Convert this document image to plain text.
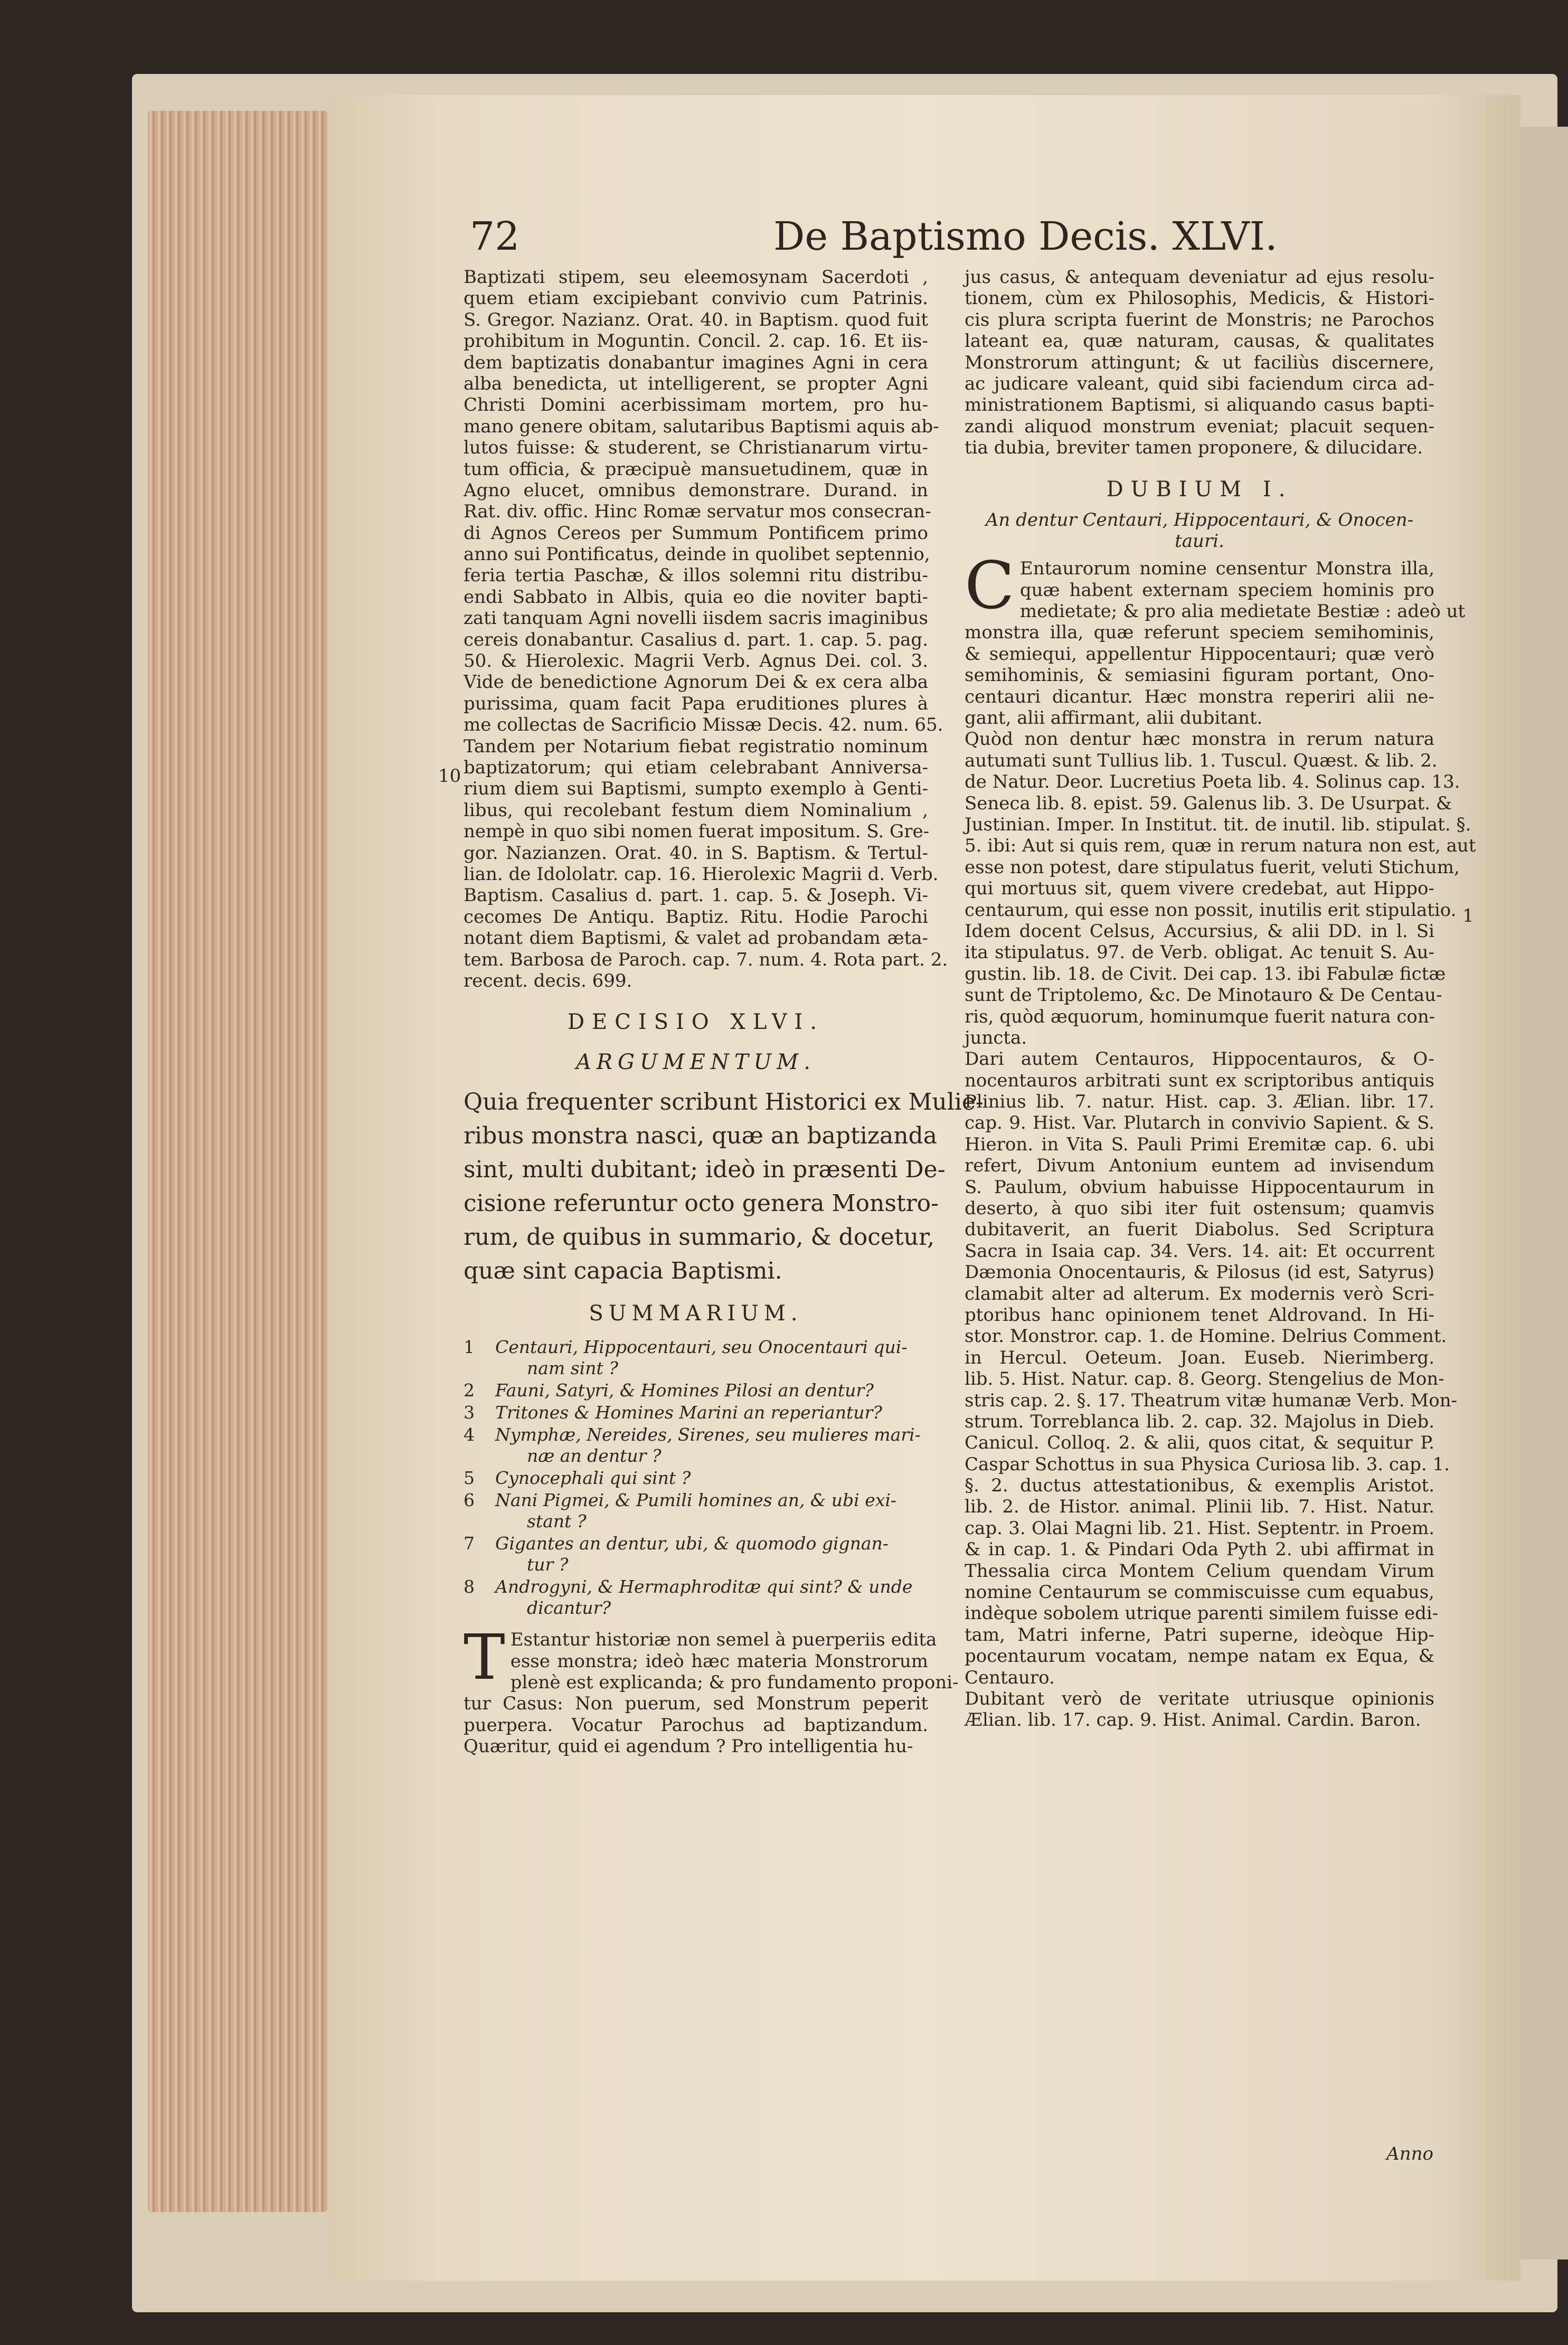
72	De Baptismo Decis. XLVI.
10
1
Baptizati stipem, seu eleemosynam Sacerdoti ,
quem etiam excipiebant convivio cum Patrinis.
S. Gregor. Nazianz. Orat. 40. in Baptism. quod fuit
prohibitum in Moguntin. Concil. 2. cap. 16. Et iis-
dem baptizatis donabantur imagines Agni in cera
alba benedicta, ut intelligerent, se propter Agni
Christi Domini acerbissimam mortem, pro hu-
mano genere obitam, salutaribus Baptismi aquis ab-
lutos fuisse: & studerent, se Christianarum virtu-
tum officia, & præcipuè mansuetudinem, quæ in
Agno elucet, omnibus demonstrare. Durand. in
Rat. div. offic. Hinc Romæ servatur mos consecran-
di Agnos Cereos per Summum Pontificem primo
anno sui Pontificatus, deinde in quolibet septennio,
feria tertia Paschæ, & illos solemni ritu distribu-
endi Sabbato in Albis, quia eo die noviter bapti-
zati tanquam Agni novelli iisdem sacris imaginibus
cereis donabantur. Casalius d. part. 1. cap. 5. pag.
50. & Hierolexic. Magrii Verb. Agnus Dei. col. 3.
Vide de benedictione Agnorum Dei & ex cera alba
purissima, quam facit Papa eruditiones plures à
me collectas de Sacrificio Missæ Decis. 42. num. 65.
Tandem per Notarium fiebat registratio nominum
baptizatorum; qui etiam celebrabant Anniversa-
rium diem sui Baptismi, sumpto exemplo à Genti-
libus, qui recolebant festum diem Nominalium ,
nempè in quo sibi nomen fuerat impositum. S. Gre-
gor. Nazianzen. Orat. 40. in S. Baptism. & Tertul-
lian. de Idololatr. cap. 16. Hierolexic Magrii d. Verb.
Baptism. Casalius d. part. 1. cap. 5. & Joseph. Vi-
cecomes De Antiqu. Baptiz. Ritu. Hodie Parochi
notant diem Baptismi, & valet ad probandam æta-
tem. Barbosa de Paroch. cap. 7. num. 4. Rota part. 2.
recent. decis. 699.
DECISIO XLVI.
ARGUMENTUM.
Quia frequenter scribunt Historici ex Mulie-
ribus monstra nasci, quæ an baptizanda
sint, multi dubitant; ideò in præsenti De-
cisione referuntur octo genera Monstro-
rum, de quibus in summario, & docetur,
quæ sint capacia Baptismi.
SUMMARIUM.
1	Centauri, Hippocentauri, seu Onocentauri qui-
nam sint ?
2	Fauni, Satyri, & Homines Pilosi an dentur?
3	Tritones & Homines Marini an reperiantur?
4	Nymphæ, Nereides, Sirenes, seu mulieres mari-
næ an dentur ?
5	Cynocephali qui sint ?
6	Nani Pigmei, & Pumili homines an, & ubi exi-
stant ?
7	Gigantes an dentur, ubi, & quomodo gignan-
tur ?
8	Androgyni, & Hermaphroditæ qui sint? & unde
dicantur?
T Estantur historiæ non semel à puerperiis edita
esse monstra; ideò hæc materia Monstrorum
plenè est explicanda; & pro fundamento proponi-
tur Casus: Non puerum, sed Monstrum peperit
puerpera. Vocatur Parochus ad baptizandum.
Quæritur, quid ei agendum ? Pro intelligentia hu-
jus casus, & antequam deveniatur ad ejus resolu-
tionem, cùm ex Philosophis, Medicis, & Histori-
cis plura scripta fuerint de Monstris; ne Parochos
lateant ea, quæ naturam, causas, & qualitates
Monstrorum attingunt; & ut faciliùs discernere,
ac judicare valeant, quid sibi faciendum circa ad-
ministrationem Baptismi, si aliquando casus bapti-
zandi aliquod monstrum eveniat; placuit sequen-
tia dubia, breviter tamen proponere, & dilucidare.
DUBIUM I.
An dentur Centauri, Hippocentauri, & Onocen-
tauri.
C Entaurorum nomine censentur Monstra illa,
quæ habent externam speciem hominis pro
medietate; & pro alia medietate Bestiæ : adeò ut
monstra illa, quæ referunt speciem semihominis,
& semiequi, appellentur Hippocentauri; quæ verò
semihominis, & semiasini figuram portant, Ono-
centauri dicantur. Hæc monstra reperiri alii ne-
gant, alii affirmant, alii dubitant.
Quòd non dentur hæc monstra in rerum natura
autumati sunt Tullius lib. 1. Tuscul. Quæst. & lib. 2.
de Natur. Deor. Lucretius Poeta lib. 4. Solinus cap. 13.
Seneca lib. 8. epist. 59. Galenus lib. 3. De Usurpat. &
Justinian. Imper. In Institut. tit. de inutil. lib. stipulat. §.
5. ibi: Aut si quis rem, quæ in rerum natura non est, aut
esse non potest, dare stipulatus fuerit, veluti Stichum,
qui mortuus sit, quem vivere credebat, aut Hippo-
centaurum, qui esse non possit, inutilis erit stipulatio.
Idem docent Celsus, Accursius, & alii DD. in l. Si
ita stipulatus. 97. de Verb. obligat. Ac tenuit S. Au-
gustin. lib. 18. de Civit. Dei cap. 13. ibi Fabulæ fictæ
sunt de Triptolemo, &c. De Minotauro & De Centau-
ris, quòd æquorum, hominumque fuerit natura con-
juncta.
Dari autem Centauros, Hippocentauros, & O-
nocentauros arbitrati sunt ex scriptoribus antiquis
Plinius lib. 7. natur. Hist. cap. 3. Ælian. libr. 17.
cap. 9. Hist. Var. Plutarch in convivio Sapient. & S.
Hieron. in Vita S. Pauli Primi Eremitæ cap. 6. ubi
refert, Divum Antonium euntem ad invisendum
S. Paulum, obvium habuisse Hippocentaurum in
deserto, à quo sibi iter fuit ostensum; quamvis
dubitaverit, an fuerit Diabolus. Sed Scriptura
Sacra in Isaia cap. 34. Vers. 14. ait: Et occurrent
Dæmonia Onocentauris, & Pilosus (id est, Satyrus)
clamabit alter ad alterum. Ex modernis verò Scri-
ptoribus hanc opinionem tenet Aldrovand. In Hi-
stor. Monstror. cap. 1. de Homine. Delrius Comment.
in Hercul. Oeteum. Joan. Euseb. Nierimberg.
lib. 5. Hist. Natur. cap. 8. Georg. Stengelius de Mon-
stris cap. 2. §. 17. Theatrum vitæ humanæ Verb. Mon-
strum. Torreblanca lib. 2. cap. 32. Majolus in Dieb.
Canicul. Colloq. 2. & alii, quos citat, & sequitur P.
Caspar Schottus in sua Physica Curiosa lib. 3. cap. 1.
§. 2. ductus attestationibus, & exemplis Aristot.
lib. 2. de Histor. animal. Plinii lib. 7. Hist. Natur.
cap. 3. Olai Magni lib. 21. Hist. Septentr. in Proem.
& in cap. 1. & Pindari Oda Pyth 2. ubi affirmat in
Thessalia circa Montem Celium quendam Virum
nomine Centaurum se commiscuisse cum equabus,
indèque sobolem utrique parenti similem fuisse edi-
tam, Matri inferne, Patri superne, ideòque Hip-
pocentaurum vocatam, nempe natam ex Equa, &
Centauro.
Dubitant verò de veritate utriusque opinionis
Ælian. lib. 17. cap. 9. Hist. Animal. Cardin. Baron.
Anno
